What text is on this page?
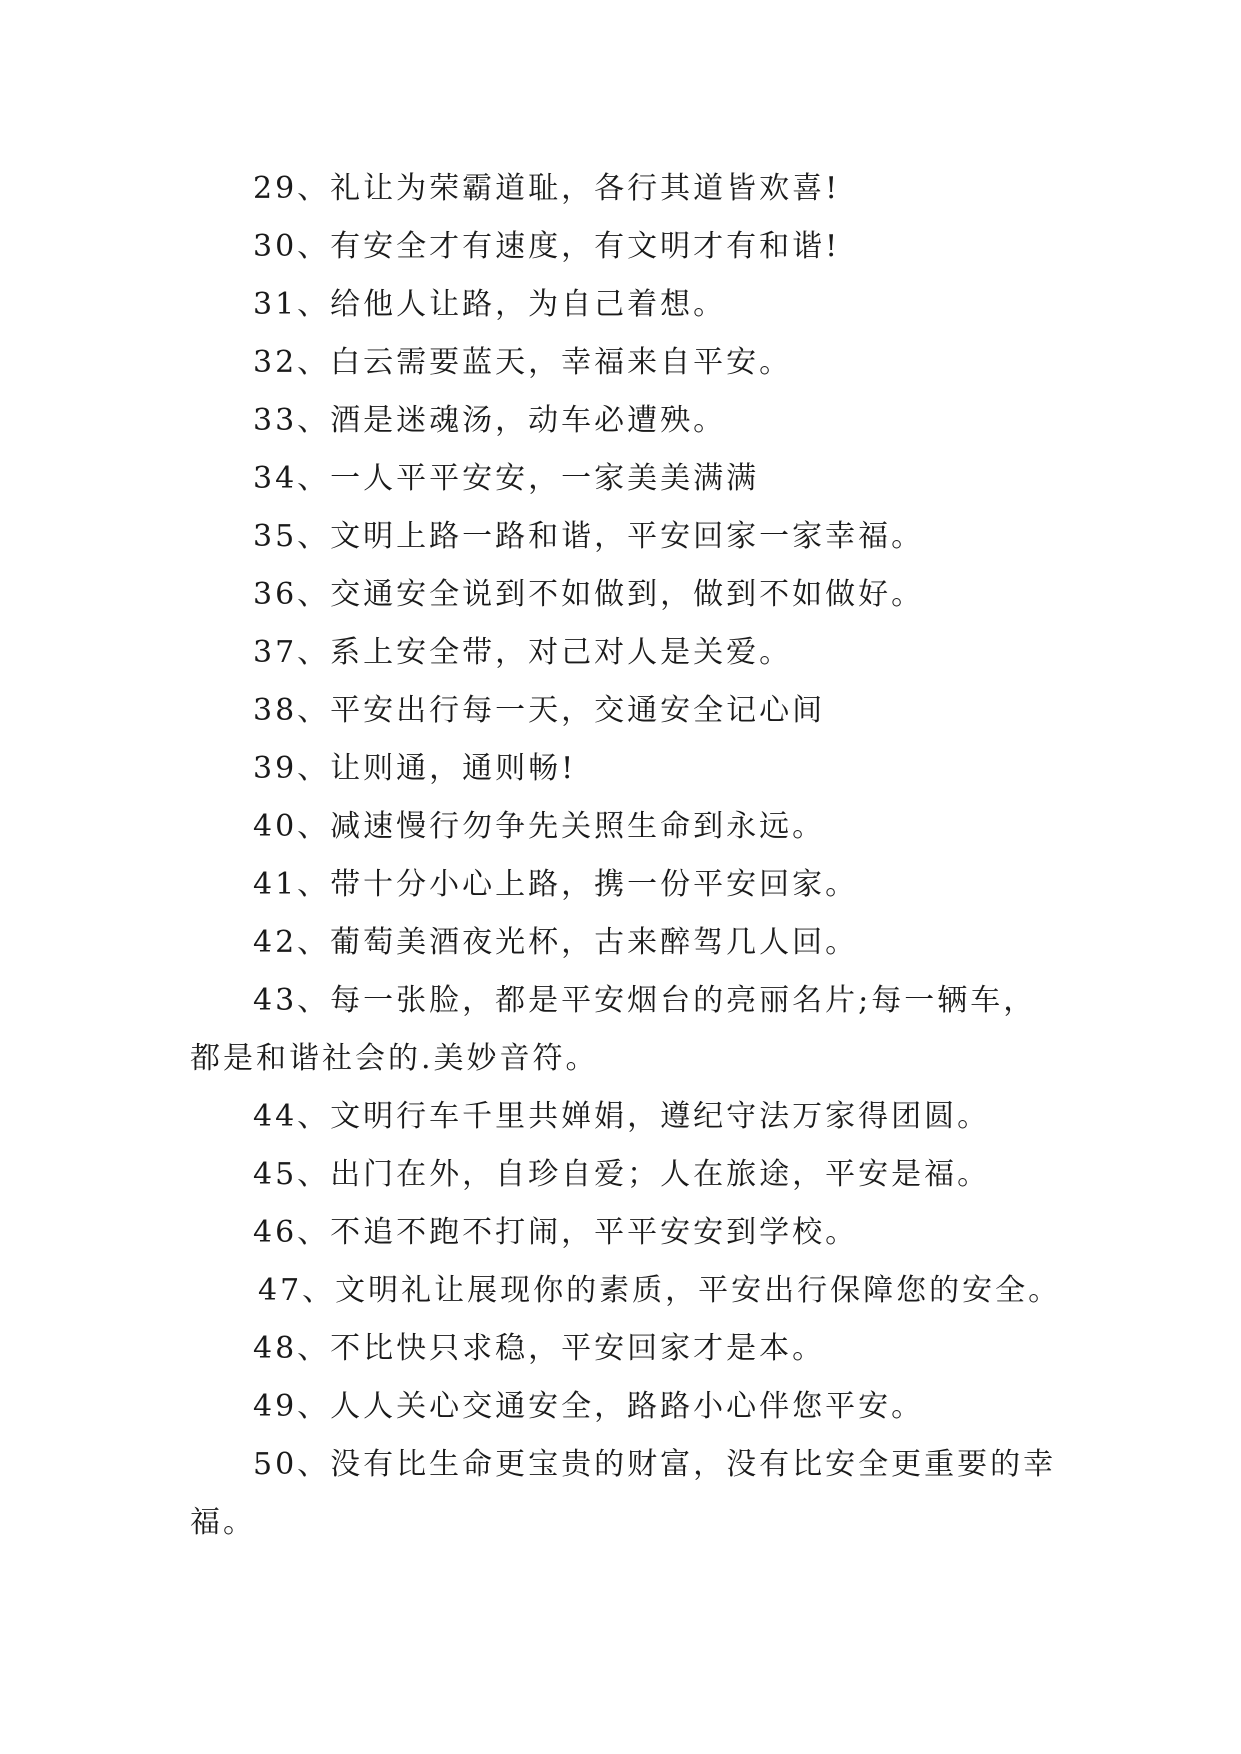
29、礼让为荣霸道耻，各行其道皆欢喜!
30、有安全才有速度，有文明才有和谐!
31、给他人让路，为自己着想。
32、白云需要蓝天，幸福来自平安。
33、酒是迷魂汤，动车必遭殃。
34、一人平平安安，一家美美满满
35、文明上路一路和谐，平安回家一家幸福。
36、交通安全说到不如做到，做到不如做好。
37、系上安全带，对己对人是关爱。
38、平安出行每一天，交通安全记心间
39、让则通，通则畅!
40、减速慢行勿争先关照生命到永远。
41、带十分小心上路，携一份平安回家。
42、葡萄美酒夜光杯，古来醉驾几人回。
43、每一张脸，都是平安烟台的亮丽名片;每一辆车，
都是和谐社会的.美妙音符。
44、文明行车千里共婵娟，遵纪守法万家得团圆。
45、出门在外，自珍自爱；人在旅途，平安是福。
46、不追不跑不打闹，平平安安到学校。
47、文明礼让展现你的素质，平安出行保障您的安全。
48、不比快只求稳，平安回家才是本。
49、人人关心交通安全，路路小心伴您平安。
50、没有比生命更宝贵的财富，没有比安全更重要的幸
福。
